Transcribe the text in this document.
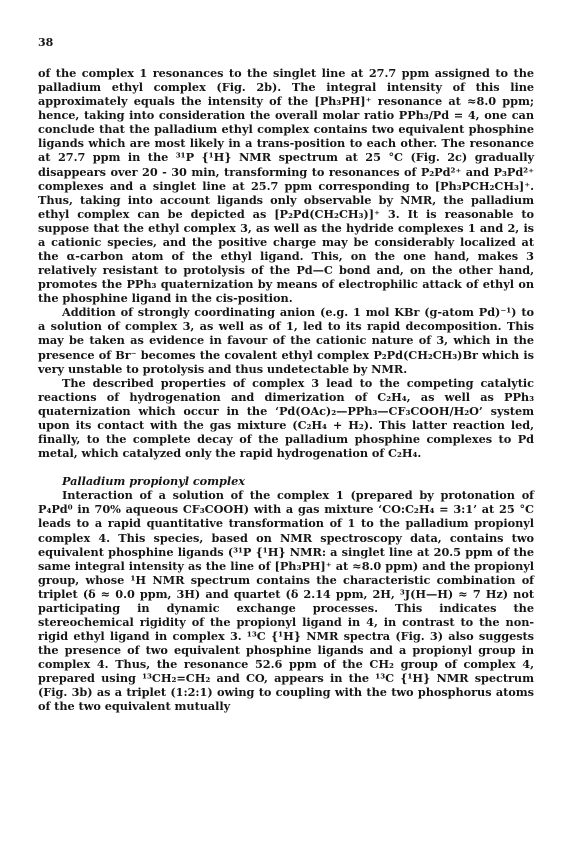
38

of the complex 1 resonances to the singlet line at 27.7 ppm assigned to the palladium ethyl complex (Fig. 2b). The integral intensity of this line approximately equals the intensity of the [Ph₃PH]⁺ resonance at ≈8.0 ppm; hence, taking into consideration the overall molar ratio PPh₃/Pd = 4, one can conclude that the palladium ethyl complex contains two equivalent phosphine ligands which are most likely in a trans-position to each other. The resonance at 27.7 ppm in the ³¹P {¹H} NMR spectrum at 25 °C (Fig. 2c) gradually disappears over 20 - 30 min, transforming to resonances of P₂Pd²⁺ and P₃Pd²⁺ complexes and a singlet line at 25.7 ppm corresponding to [Ph₃PCH₂CH₃]⁺. Thus, taking into account ligands only observable by NMR, the palladium ethyl complex can be depicted as [P₂Pd(CH₂CH₃)]⁺ 3. It is reasonable to suppose that the ethyl complex 3, as well as the hydride complexes 1 and 2, is a cationic species, and the positive charge may be considerably localized at the α-carbon atom of the ethyl ligand. This, on the one hand, makes 3 relatively resistant to protolysis of the Pd—C bond and, on the other hand, promotes the PPh₃ quaternization by means of electrophilic attack of ethyl on the phosphine ligand in the cis-position.

Addition of strongly coordinating anion (e.g. 1 mol KBr (g-atom Pd)⁻¹) to a solution of complex 3, as well as of 1, led to its rapid decomposition. This may be taken as evidence in favour of the cationic nature of 3, which in the presence of Br⁻ becomes the covalent ethyl complex P₂Pd(CH₂CH₃)Br which is very unstable to protolysis and thus undetectable by NMR.

The described properties of complex 3 lead to the competing catalytic reactions of hydrogenation and dimerization of C₂H₄, as well as PPh₃ quaternization which occur in the ‘Pd(OAc)₂—PPh₃—CF₃COOH/H₂O’ system upon its contact with the gas mixture (C₂H₄ + H₂). This latter reaction led, finally, to the complete decay of the palladium phosphine complexes to Pd metal, which catalyzed only the rapid hydrogenation of C₂H₄.

Palladium propionyl complex

Interaction of a solution of the complex 1 (prepared by protonation of P₄Pd⁰ in 70% aqueous CF₃COOH) with a gas mixture ‘CO:C₂H₄ = 3:1’ at 25 °C leads to a rapid quantitative transformation of 1 to the palladium propionyl complex 4. This species, based on NMR spectroscopy data, contains two equivalent phosphine ligands (³¹P {¹H} NMR: a singlet line at 20.5 ppm of the same integral intensity as the line of [Ph₃PH]⁺ at ≈8.0 ppm) and the propionyl group, whose ¹H NMR spectrum contains the characteristic combination of triplet (δ ≈ 0.0 ppm, 3H) and quartet (δ 2.14 ppm, 2H, ³J(H—H) ≈ 7 Hz) not participating in dynamic exchange processes. This indicates the stereochemical rigidity of the propionyl ligand in 4, in contrast to the non-rigid ethyl ligand in complex 3. ¹³C {¹H} NMR spectra (Fig. 3) also suggests the presence of two equivalent phosphine ligands and a propionyl group in complex 4. Thus, the resonance 52.6 ppm of the CH₂ group of complex 4, prepared using ¹³CH₂=CH₂ and CO, appears in the ¹³C {¹H} NMR spectrum (Fig. 3b) as a triplet (1:2:1) owing to coupling with the two phosphorus atoms of the two equivalent mutually
